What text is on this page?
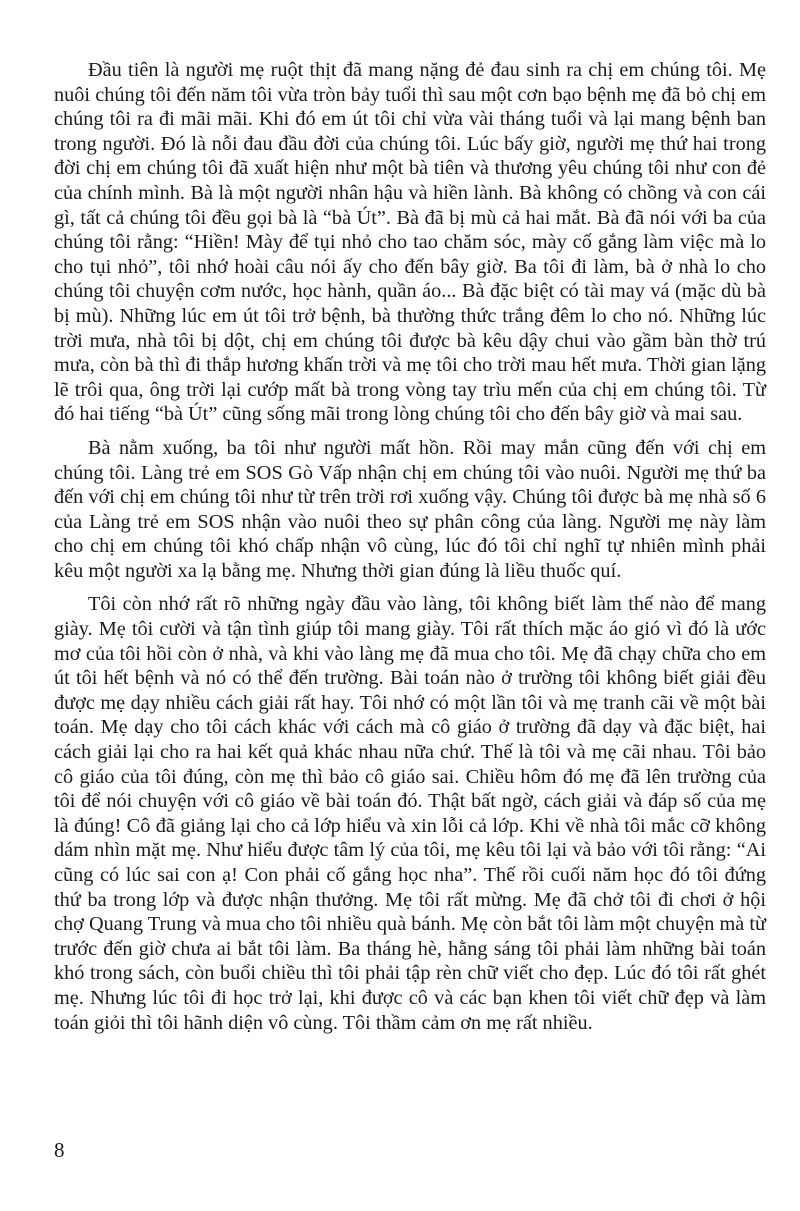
Đầu tiên là người mẹ ruột thịt đã mang nặng đẻ đau sinh ra chị em chúng tôi. Mẹ nuôi chúng tôi đến năm tôi vừa tròn bảy tuổi thì sau một cơn bạo bệnh mẹ đã bỏ chị em chúng tôi ra đi mãi mãi. Khi đó em út tôi chỉ vừa vài tháng tuổi và lại mang bệnh ban trong người. Đó là nỗi đau đầu đời của chúng tôi. Lúc bấy giờ, người mẹ thứ hai trong đời chị em chúng tôi đã xuất hiện như một bà tiên và thương yêu chúng tôi như con đẻ của chính mình. Bà là một người nhân hậu và hiền lành. Bà không có chồng và con cái gì, tất cả chúng tôi đều gọi bà là “bà Út”. Bà đã bị mù cả hai mắt. Bà đã nói với ba của chúng tôi rằng: “Hiền! Mày để tụi nhỏ cho tao chăm sóc, mày cố gắng làm việc mà lo cho tụi nhỏ”, tôi nhớ hoài câu nói ấy cho đến bây giờ. Ba tôi đi làm, bà ở nhà lo cho chúng tôi chuyện cơm nước, học hành, quần áo... Bà đặc biệt có tài may vá (mặc dù bà bị mù). Những lúc em út tôi trở bệnh, bà thường thức trắng đêm lo cho nó. Những lúc trời mưa, nhà tôi bị dột, chị em chúng tôi được bà kêu dậy chui vào gầm bàn thờ trú mưa, còn bà thì đi thắp hương khấn trời và mẹ tôi cho trời mau hết mưa. Thời gian lặng lẽ trôi qua, ông trời lại cướp mất bà trong vòng tay trìu mến của chị em chúng tôi. Từ đó hai tiếng “bà Út” cũng sống mãi trong lòng chúng tôi cho đến bây giờ và mai sau.

Bà nằm xuống, ba tôi như người mất hồn. Rồi may mắn cũng đến với chị em chúng tôi. Làng trẻ em SOS Gò Vấp nhận chị em chúng tôi vào nuôi. Người mẹ thứ ba đến với chị em chúng tôi như từ trên trời rơi xuống vậy. Chúng tôi được bà mẹ nhà số 6 của Làng trẻ em SOS nhận vào nuôi theo sự phân công của làng. Người mẹ này làm cho chị em chúng tôi khó chấp nhận vô cùng, lúc đó tôi chỉ nghĩ tự nhiên mình phải kêu một người xa lạ bằng mẹ. Nhưng thời gian đúng là liều thuốc quí.

Tôi còn nhớ rất rõ những ngày đầu vào làng, tôi không biết làm thế nào để mang giày. Mẹ tôi cười và tận tình giúp tôi mang giày. Tôi rất thích mặc áo gió vì đó là ước mơ của tôi hồi còn ở nhà, và khi vào làng mẹ đã mua cho tôi. Mẹ đã chạy chữa cho em út tôi hết bệnh và nó có thể đến trường. Bài toán nào ở trường tôi không biết giải đều được mẹ dạy nhiều cách giải rất hay. Tôi nhớ có một lần tôi và mẹ tranh cãi về một bài toán. Mẹ dạy cho tôi cách khác với cách mà cô giáo ở trường đã dạy và đặc biệt, hai cách giải lại cho ra hai kết quả khác nhau nữa chứ. Thế là tôi và mẹ cãi nhau. Tôi bảo cô giáo của tôi đúng, còn mẹ thì bảo cô giáo sai. Chiều hôm đó mẹ đã lên trường của tôi để nói chuyện với cô giáo về bài toán đó. Thật bất ngờ, cách giải và đáp số của mẹ là đúng! Cô đã giảng lại cho cả lớp hiểu và xin lỗi cả lớp. Khi về nhà tôi mắc cỡ không dám nhìn mặt mẹ. Như hiểu được tâm lý của tôi, mẹ kêu tôi lại và bảo với tôi rằng: “Ai cũng có lúc sai con ạ! Con phải cố gắng học nha”. Thế rồi cuối năm học đó tôi đứng thứ ba trong lớp và được nhận thưởng. Mẹ tôi rất mừng. Mẹ đã chở tôi đi chơi ở hội chợ Quang Trung và mua cho tôi nhiều quà bánh. Mẹ còn bắt tôi làm một chuyện mà từ trước đến giờ chưa ai bắt tôi làm. Ba tháng hè, hằng sáng tôi phải làm những bài toán khó trong sách, còn buổi chiều thì tôi phải tập rèn chữ viết cho đẹp. Lúc đó tôi rất ghét mẹ. Nhưng lúc tôi đi học trở lại, khi được cô và các bạn khen tôi viết chữ đẹp và làm toán giỏi thì tôi hãnh diện vô cùng. Tôi thầm cảm ơn mẹ rất nhiều.

8
